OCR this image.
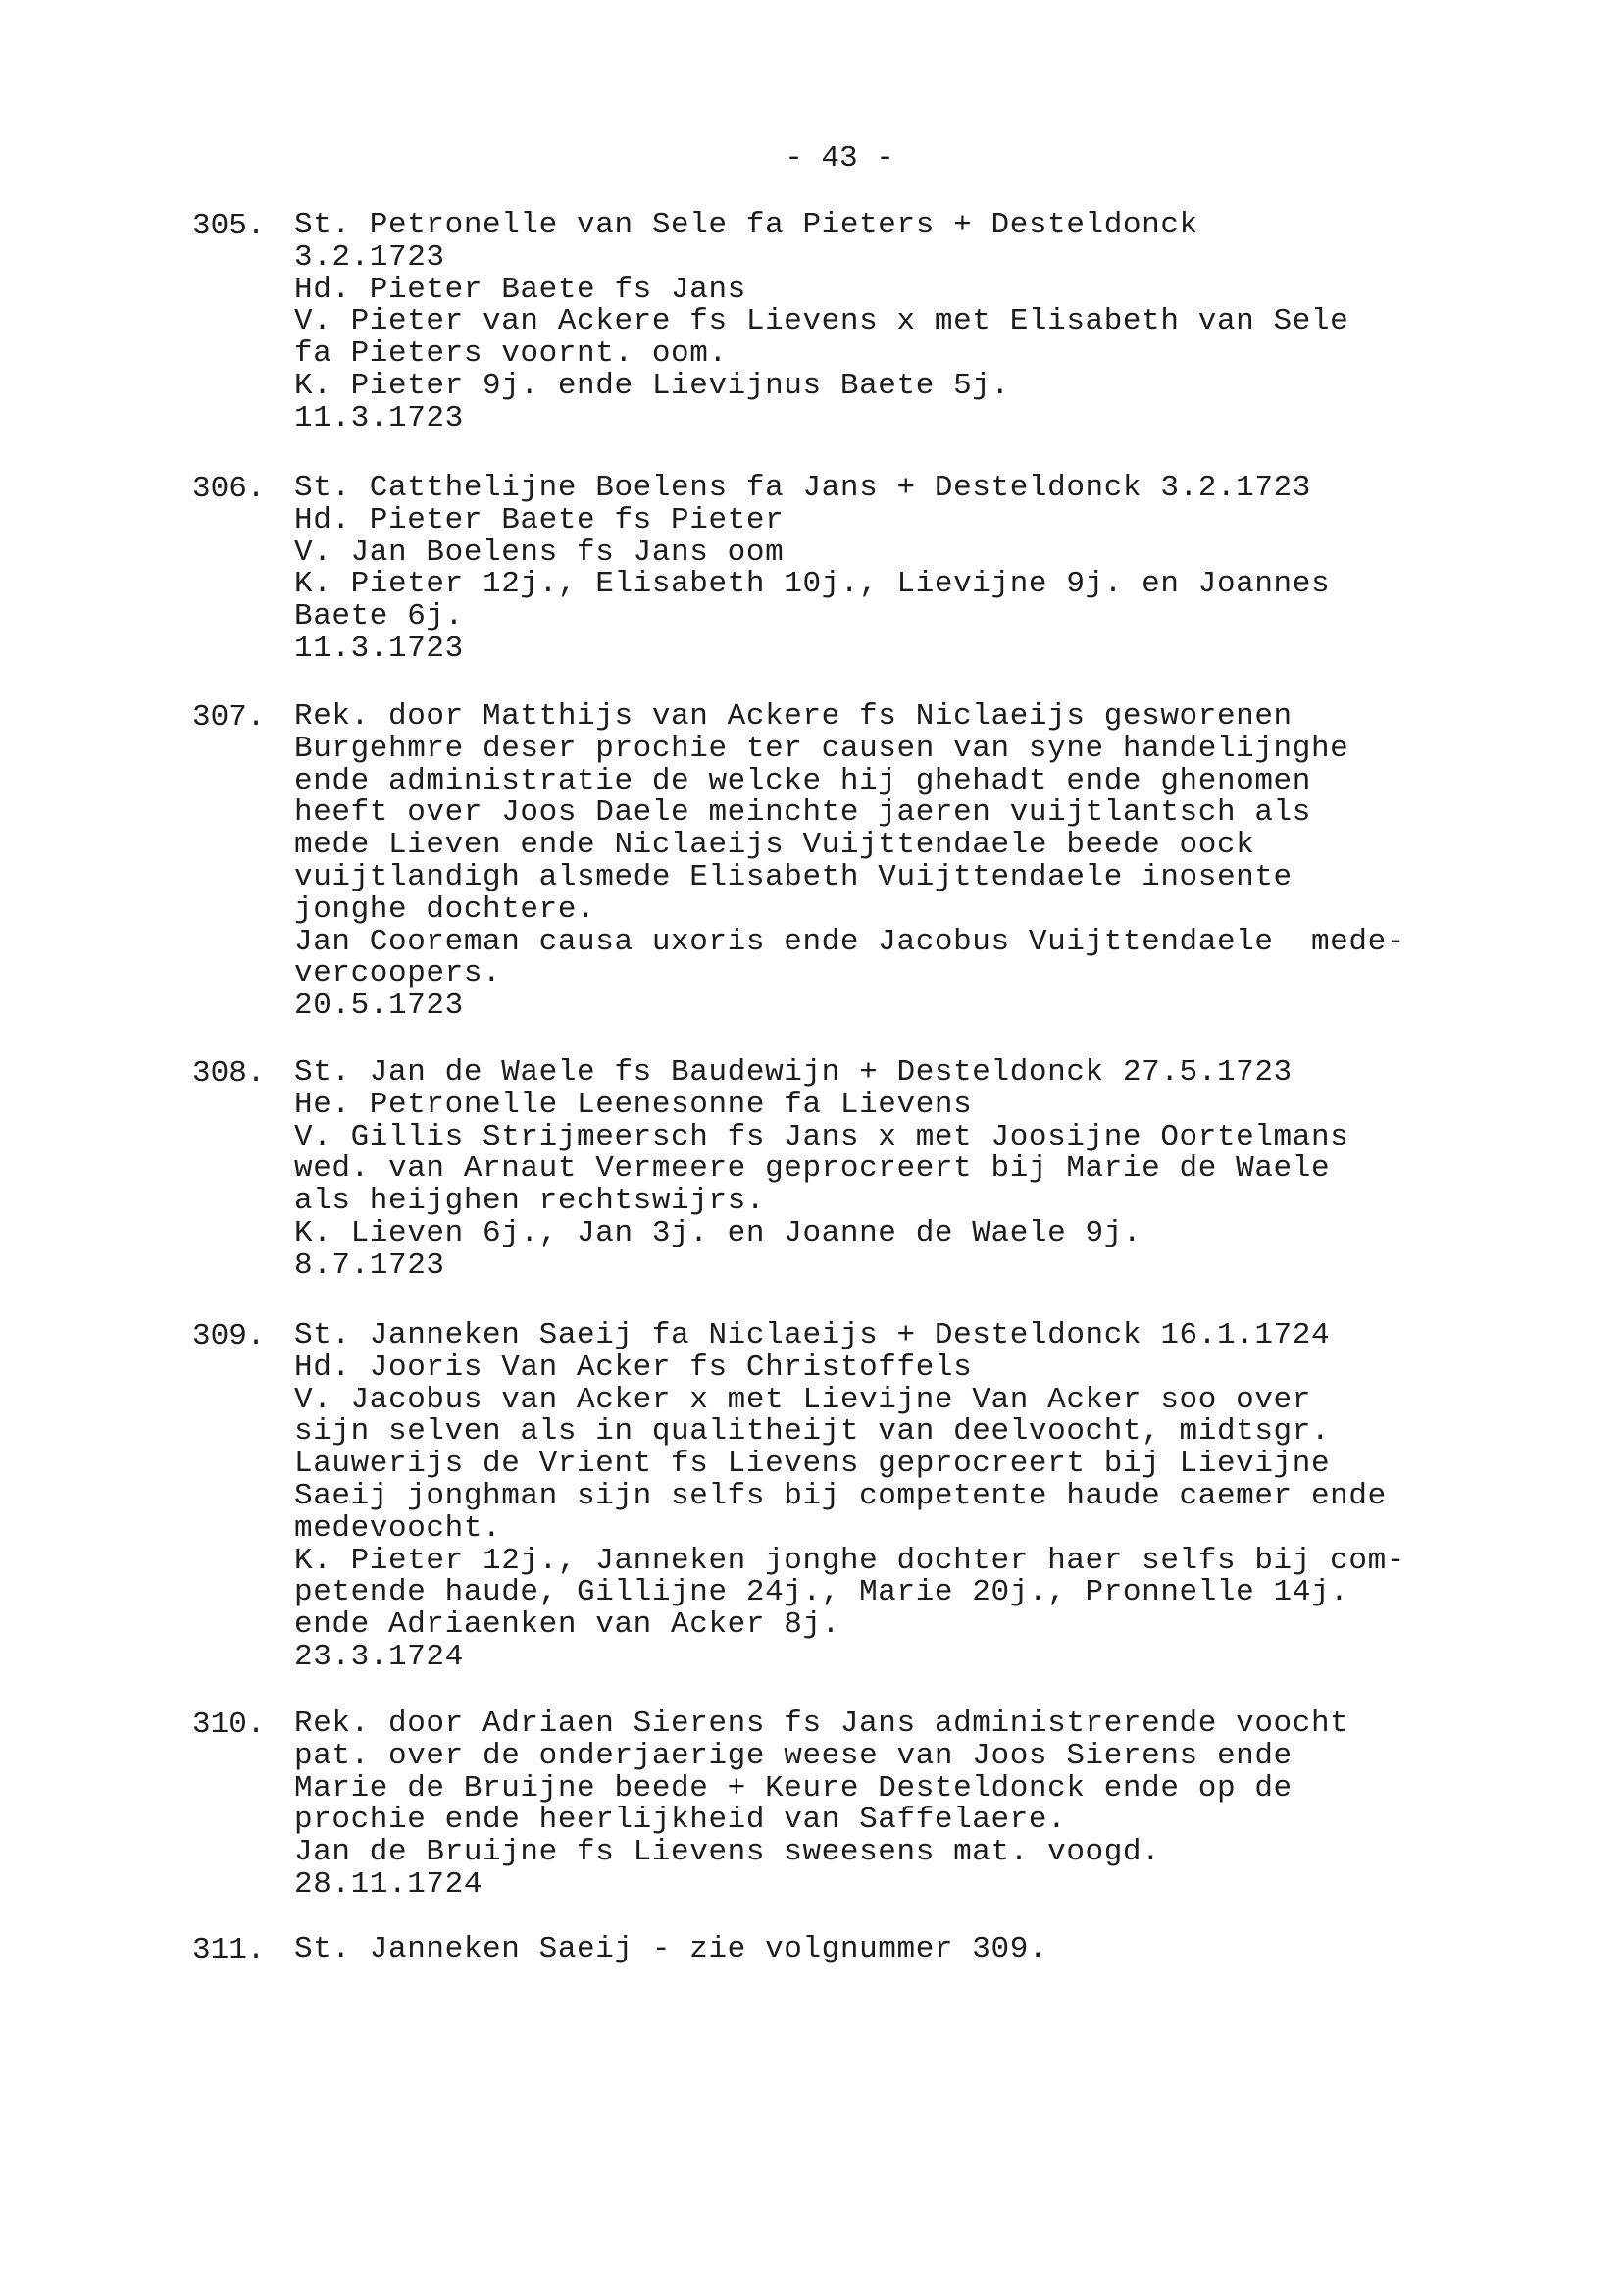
- 43 -
305. St. Petronelle van Sele fa Pieters + Desteldonck
3.2.1723
Hd. Pieter Baete fs Jans
V. Pieter van Ackere fs Lievens x met Elisabeth van Sele
fa Pieters voornt. oom.
K. Pieter 9j. ende Lievijnus Baete 5j.
11.3.1723
306. St. Catthelijne Boelens fa Jans + Desteldonck 3.2.1723
Hd. Pieter Baete fs Pieter
V. Jan Boelens fs Jans oom
K. Pieter 12j., Elisabeth 10j., Lievijne 9j. en Joannes
Baete 6j.
11.3.1723
307. Rek. door Matthijs van Ackere fs Niclaeijs gesworenen
Burgehmre deser prochie ter causen van syne handelijnghe
ende administratie de welcke hij ghehadt ende ghenomen
heeft over Joos Daele meinchte jaeren vuijtlantsch als
mede Lieven ende Niclaeijs Vuijttendaele beede oock
vuijtlandigh alsmede Elisabeth Vuijttendaele inosente
jonghe dochtere.
Jan Cooreman causa uxoris ende Jacobus Vuijttendaele  mede-
vercoopers.
20.5.1723
308. St. Jan de Waele fs Baudewijn + Desteldonck 27.5.1723
He. Petronelle Leenesonne fa Lievens
V. Gillis Strijmeersch fs Jans x met Joosijne Oortelmans
wed. van Arnaut Vermeere geprocreert bij Marie de Waele
als heijghen rechtswijrs.
K. Lieven 6j., Jan 3j. en Joanne de Waele 9j.
8.7.1723
309. St. Janneken Saeij fa Niclaeijs + Desteldonck 16.1.1724
Hd. Jooris Van Acker fs Christoffels
V. Jacobus van Acker x met Lievijne Van Acker soo over
sijn selven als in qualitheijt van deelvoocht, midtsgr.
Lauwerijs de Vrient fs Lievens geprocreert bij Lievijne
Saeij jonghman sijn selfs bij competente haude caemer ende
medevoocht.
K. Pieter 12j., Janneken jonghe dochter haer selfs bij com-
petende haude, Gillijne 24j., Marie 20j., Pronnelle 14j.
ende Adriaenken van Acker 8j.
23.3.1724
310. Rek. door Adriaen Sierens fs Jans administrerende voocht
pat. over de onderjaerige weese van Joos Sierens ende
Marie de Bruijne beede + Keure Desteldonck ende op de
prochie ende heerlijkheid van Saffelaere.
Jan de Bruijne fs Lievens sweesens mat. voogd.
28.11.1724
311. St. Janneken Saeij - zie volgnummer 309.
